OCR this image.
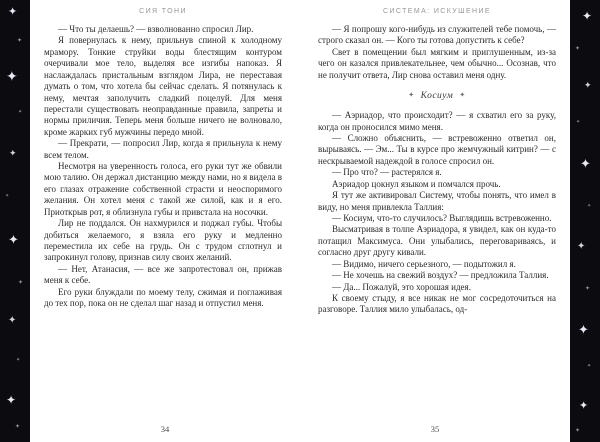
✦
✦
✦
✦
✦
✦
✦
✦
✦
✦
✦
✦
СИЯ ТОНИ

— Что ты делаешь? — взволнованно спросил Лир.

Я повернулась к нему, прильнув спиной к холодному мрамору. Тонкие струйки воды блестящим контуром очерчивали мое тело, выделяя все изгибы напоказ. Я наслаждалась пристальным взглядом Лира, не переставая думать о том, что хотела бы сейчас сделать. Я потянулась к нему, мечтая заполучить сладкий поцелуй. Для меня перестали существовать неоправданные правила, запреты и нормы приличия. Теперь меня больше ничего не волновало, кроме жарких губ мужчины передо мной.

— Прекрати, — попросил Лир, когда я прильнула к нему всем телом.

Несмотря на уверенность голоса, его руки тут же обвили мою талию. Он держал дистанцию между нами, но я видела в его глазах отражение собственной страсти и неоспоримого желания. Он хотел меня с такой же силой, как и я его. Приоткрыв рот, я облизнула губы и привстала на носочки.

Лир не поддался. Он нахмурился и поджал губы. Чтобы добиться желаемого, я взяла его руку и медленно переместила их себе на грудь. Он с трудом сглотнул и запрокинул голову, признав силу своих желаний.

— Нет, Атанасия, — все же запротестовал он, прижав меня к себе.

Его руки блуждали по моему телу, сжимая и поглаживая до тех пор, пока он не сделал шаг назад и отпустил меня.

34
СИСТЕМА: ИСКУШЕНИЕ

— Я попрошу кого-нибудь из служителей тебе помочь, — строго сказал он. — Кого ты готова допустить к себе?

Свет в помещении был мягким и приглушенным, из-за чего он казался привлекательнее, чем обычно... Осознав, что не получит ответа, Лир снова оставил меня одну.

✦ Косиум ✦

— Аэриадор, что происходит? — я схватил его за руку, когда он проносился мимо меня.

— Сложно объяснить, — встревоженно ответил он, вырываясь. — Эм... Ты в курсе про жемчужный китрин? — с нескрываемой надеждой в голосе спросил он.

— Про что? — растерялся я.

Аэриадор цокнул языком и помчался прочь.

Я тут же активировал Систему, чтобы понять, что имел в виду, но меня привлекла Таллия:

— Косиум, что-то случилось? Выглядишь встревоженно.

Высматривая в толпе Аэриадора, я увидел, как он куда-то потащил Максимуса. Они улыбались, переговариваясь, и согласно друг другу кивали.

— Видимо, ничего серьезного, — подытожил я.

— Не хочешь на свежий воздух? — предложила Таллия.

— Да... Пожалуй, это хорошая идея.

К своему стыду, я все никак не мог сосредоточиться на разговоре. Таллия мило улыбалась, од-

35
✦
✦
✦
✦
✦
✦
✦
✦
✦
✦
✦
✦
